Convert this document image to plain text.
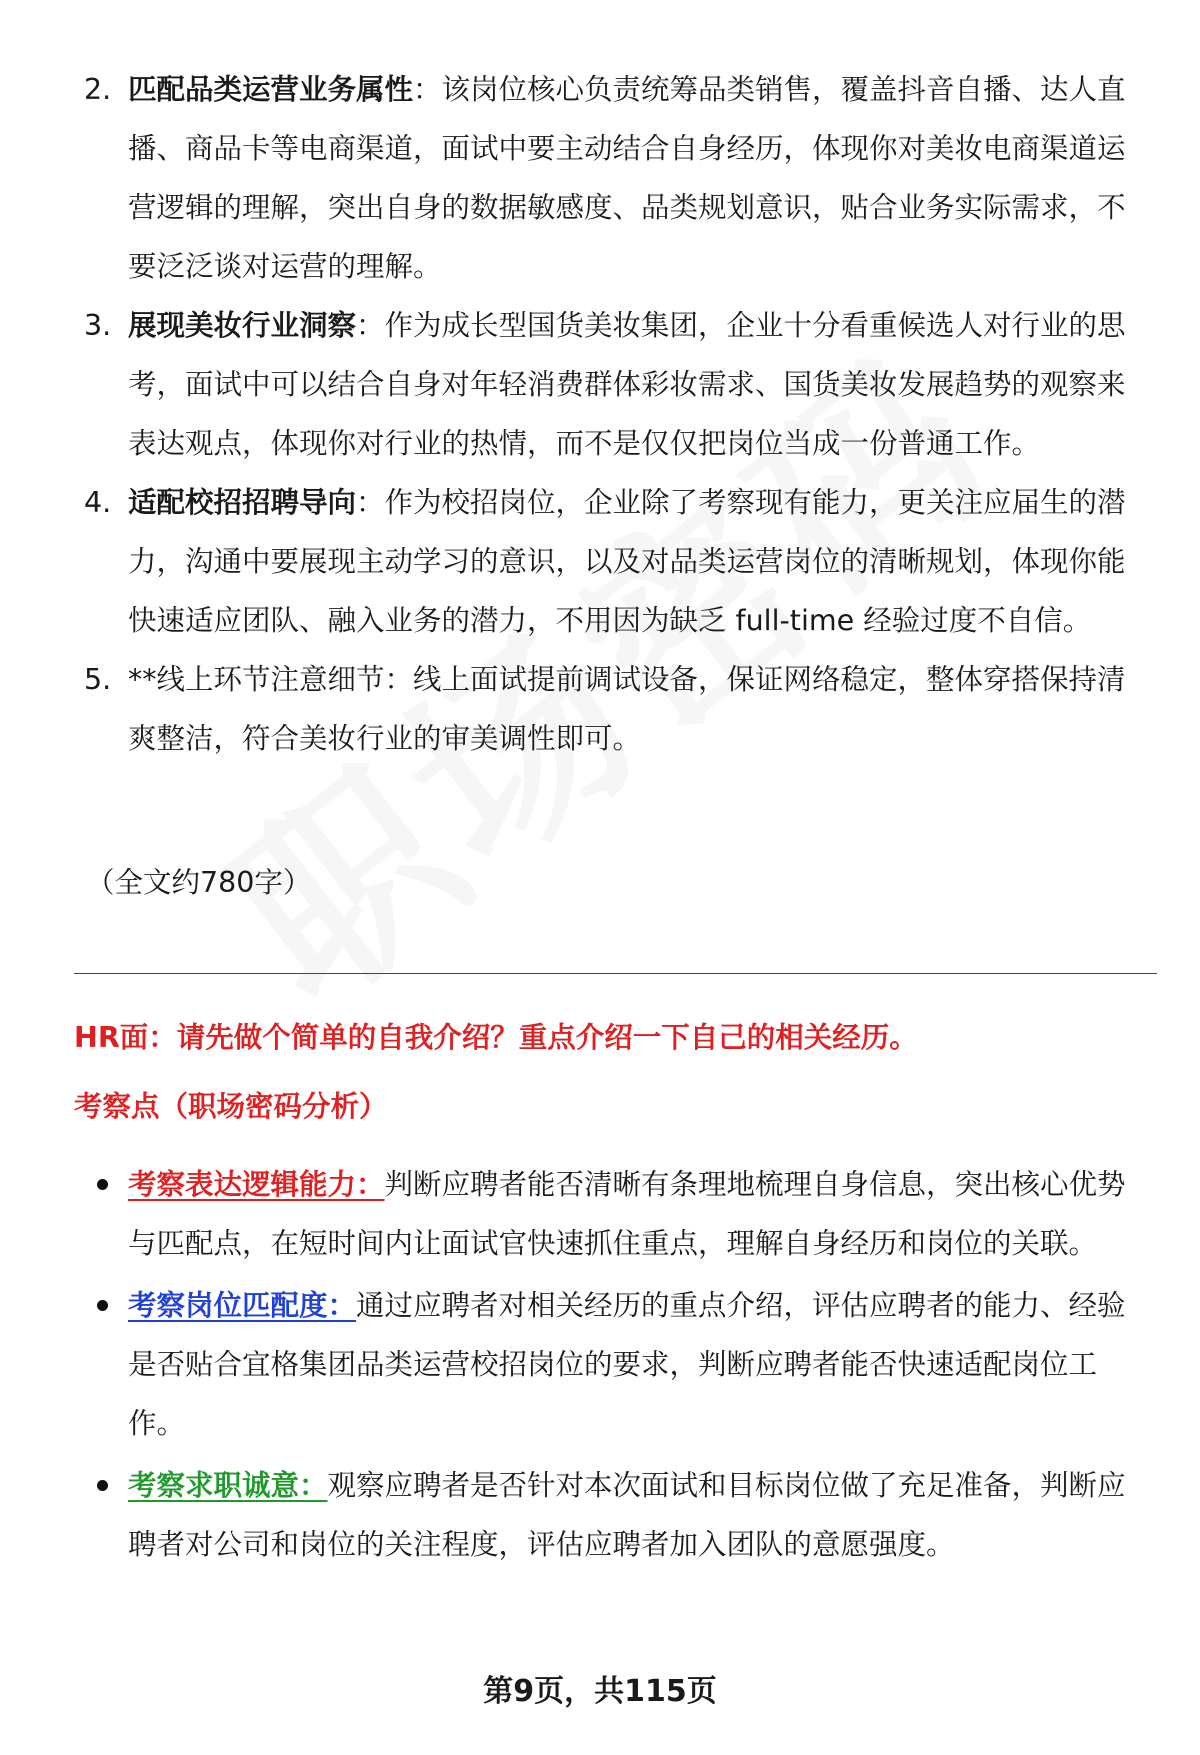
2. 匹配品类运营业务属性：该岗位核心负责统筹品类销售，覆盖抖音自播、达人直播、商品卡等电商渠道，面试中要主动结合自身经历，体现你对美妆电商渠道运营逻辑的理解，突出自身的数据敏感度、品类规划意识，贴合业务实际需求，不要泛泛谈对运营的理解。
3. 展现美妆行业洞察：作为成长型国货美妆集团，企业十分看重候选人对行业的思考，面试中可以结合自身对年轻消费群体彩妆需求、国货美妆发展趋势的观察来表达观点，体现你对行业的热情，而不是仅仅把岗位当成一份普通工作。
4. 适配校招招聘导向：作为校招岗位，企业除了考察现有能力，更关注应届生的潜力，沟通中要展现主动学习的意识，以及对品类运营岗位的清晰规划，体现你能快速适应团队、融入业务的潜力，不用因为缺乏 full-time 经验过度不自信。
5. **线上环节注意细节：线上面试提前调试设备，保证网络稳定，整体穿搭保持清爽整洁，符合美妆行业的审美调性即可。
（全文约780字）
HR面：请先做个简单的自我介绍？重点介绍一下自己的相关经历。
考察点（职场密码分析）
考察表达逻辑能力：判断应聘者能否清晰有条理地梳理自身信息，突出核心优势与匹配点，在短时间内让面试官快速抓住重点，理解自身经历和岗位的关联。
考察岗位匹配度：通过应聘者对相关经历的重点介绍，评估应聘者的能力、经验是否贴合宜格集团品类运营校招岗位的要求，判断应聘者能否快速适配岗位工作。
考察求职诚意：观察应聘者是否针对本次面试和目标岗位做了充足准备，判断应聘者对公司和岗位的关注程度，评估应聘者加入团队的意愿强度。
第9页，共115页
